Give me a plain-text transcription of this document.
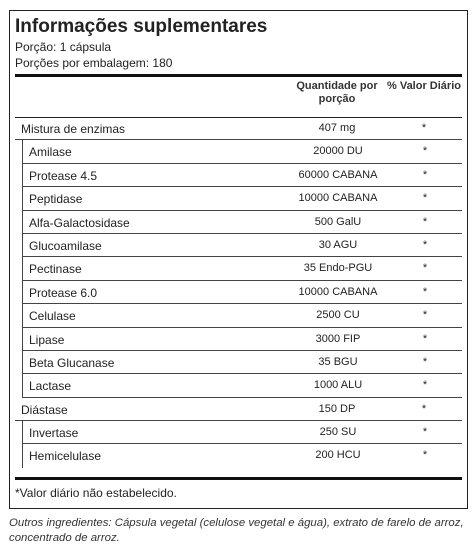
Informações suplementares
Porção: 1 cápsula
Porções por embalagem: 180
Quantidade por porção
% Valor Diário
Mistura de enzimas	407 mg	*
Amilase	20000 DU	*
Protease 4.5	60000 CABANA	*
Peptidase	10000 CABANA	*
Alfa-Galactosidase	500 GalU	*
Glucoamilase	30 AGU	*
Pectinase	35 Endo-PGU	*
Protease 6.0	10000 CABANA	*
Celulase	2500 CU	*
Lipase	3000 FIP	*
Beta Glucanase	35 BGU	*
Lactase	1000 ALU	*
Diástase	150 DP	*
Invertase	250 SU	*
Hemicelulase	200 HCU	*
*Valor diário não estabelecido.
Outros ingredientes: Cápsula vegetal (celulose vegetal e água), extrato de farelo de arroz, concentrado de arroz.
